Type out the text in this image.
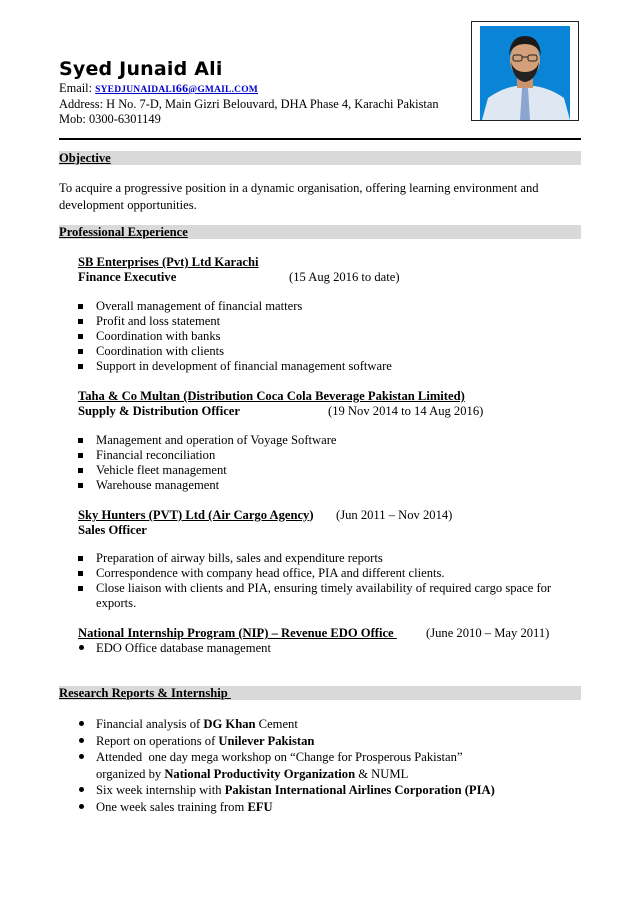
Syed Junaid Ali
Email: SYEDJUNAIDALI66@GMAIL.COM
Address: H No. 7-D, Main Gizri Belouvard, DHA Phase 4, Karachi Pakistan
Mob: 0300-6301149
Objective
To acquire a progressive position in a dynamic organisation, offering learning environment and
development opportunities.
Professional Experience
SB Enterprises (Pvt) Ltd Karachi
Finance Executive	(15 Aug 2016 to date)
Overall management of financial matters
Profit and loss statement
Coordination with banks
Coordination with clients
Support in development of financial management software
Taha & Co Multan (Distribution Coca Cola Beverage Pakistan Limited)
Supply & Distribution Officer	(19 Nov 2014 to 14 Aug 2016)
Management and operation of Voyage Software
Financial reconciliation
Vehicle fleet management
Warehouse management
Sky Hunters (PVT) Ltd (Air Cargo Agency)
Sales Officer
(Jun 2011 – Nov 2014)
Preparation of airway bills, sales and expenditure reports
Correspondence with company head office, PIA and different clients.
Close liaison with clients and PIA, ensuring timely availability of required cargo space for
exports.
National Internship Program (NIP) – Revenue EDO Office (June 2010 – May 2011)
EDO Office database management
Research Reports & Internship
Financial analysis of DG Khan Cement
Report on operations of Unilever Pakistan
Attended  one day mega workshop on “Change for Prosperous Pakistan”
organized by National Productivity Organization & NUML
Six week internship with Pakistan International Airlines Corporation (PIA)
One week sales training from EFU
